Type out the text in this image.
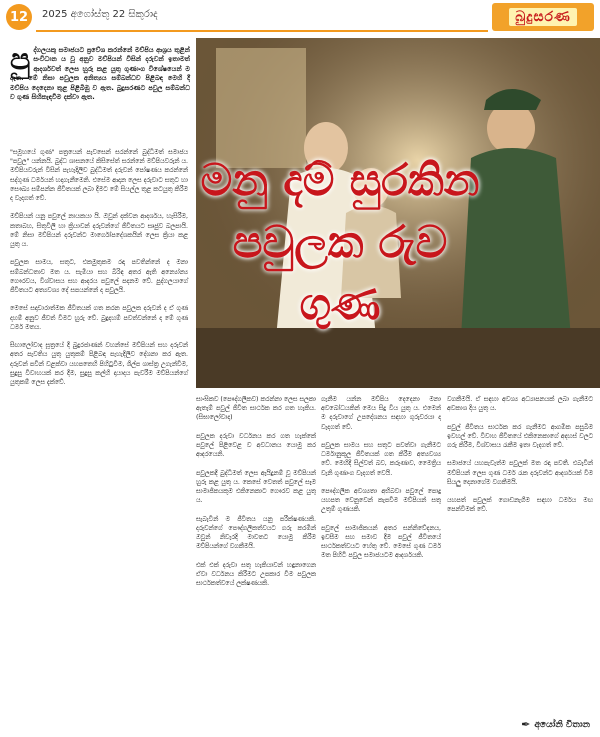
12	2025 අගෝස්තු 22 සිකුරාද	බුදුසරණ
පු ද්ගලයකු සමාජයට ප්‍රවේශ කරන්නේ මව්පිය ආශ්‍රය තුළින් සංවිධාන ය වූ අනුව මව්පියන් විසින් දරුවන් ඉතාමත් ආදර්ශවත් ලෙස හුරු කළ යුතු ගුණාංග විශේෂයෙන් ම ඇත. මේ නිසා පවුලක අනිත්‍යය සම්බන්ධව පිළිබඳ මෙහි දී මව්පිය දෙදෙනා තුළ පිළිබිඹු ව ඇත. බුදුසරණට පවුල සම්බන්ධ ව ගුණ සිහිකැඳවීම දක්වා ඇත.
"සමූහයේ ගුණ" පත්‍රයෙන් පැවසෙන් සරන්නේ බුද්ධිමත් සමාජය "පවුල" යන්නයි. බුද්ධ ශාසනයේ කිසිසේත් සරන්නේ මව්පියවරුන් ය. මව්පියවරුන් විසින් පැහැදිලිව බුද්ධිමත් දරුවන් පෝෂණය කරන්නේ සද්ගුණ ධර්මයන් හදාගැනීමෙනි. එසේම ආදාන ලෙස දරුවාට සතුට හා සෞඛ්‍ය සම්පන්න ජීවිතයක් ලබා දීමට මේ සියල්ල තුළ කටයුතු කිරීම ද වැදගත් වේ.

මව්පියන් යනු පවුලේ නායකයා යි. ඔවුන් දක්වන ආදර්ශය, හැසිරීම, කතාබහ, සිතුවිලි හා ක්‍රියාවන් දරුවන්ගේ ජීවිතයට සෘජුව බලපායි. මේ නිසා මව්පියන් දරුවන්ට මාර්ගෝපදේශකයින් ලෙස ක්‍රියා කළ යුතු ය.

පවුලක සාමය, සතුට, එකමුතුකම රඳා පවතින්නේ ද මනා සම්බන්ධතාව මත ය. සැමියා සහ බිරිඳ අතර ඇති අන්‍යෝන්‍ය ගෞරවය, විශ්වාසය සහ ආදරය පවුලේ පදනම වේ. පුද්ගලයාගේ ජීවිතයට අත්‍යවශ්‍ය දේ සපයන්නේ ද පවුලයි.

මෙසේ සදාචාරාත්මක ජීවිතයක් ගත කරන පවුලක දරුවන් ද ඒ ගුණ දහම් අනුව ජීවත් වීමට හුරු වේ. බුදුදහම් පවත්වන්නේ ද මේ ගුණ ධර්ම මතය.

සිඟාලෝවාද සූත්‍රයේ දී බුදුරජාණන් වහන්සේ මව්පියන් සහ දරුවන් අතර පැවතිය යුතු යුතුකම් පිළිබඳ පැහැදිලිව දේශනා කර ඇත. දරුවන් පවින් වළක්වා යහපතෙහි පිහිටුවීම, ශිල්ප ශාස්ත්‍ර උගැන්වීම, සුදුසු විවාහයක් කර දීම, සුදුසු කල්හි දායාදය පැවරීම මව්පියන්ගේ යුතුකම් ලෙස දැක්වේ.
මනු දම් සුරකින
පවුලක රුව ගුණ
සාංඝිකව (පෞද්ගලිකව) කරන්නා ලෙස සලකා ඇතැම් පවුල් ජීවිත සාර්ථක කර ගත හැකිය. (සිඝාලෝවාද)

පවුලක දරුවා වර්ධනය කර ගත හැක්කේ පවුලේ පිළිවෙළ ව අවධානය යොමු කර ආදරයෙනි.

පවුලකදී බුද්ධිමත් ලෙස ඇයිදුනම් වූ මව්පියන් හුරු කළ යුතු ය. කෙසේ වෙතත් පවුලේ සෑම සාමාජිකයකුම එකිනෙකාට ගෞරව කළ යුතු ය.

සැබැවින් ම ජීවිතය යනු පරීක්ෂණයකි. දරුවන්ගේ පෞද්ගලිකත්වයට ගරු කරමින් ඔවුන් නිවැරදි මාවතට යොමු කිරීම මව්පියන්ගේ වගකීමයි.

එක් එක් දරුවා සතු හැකියාවන් හඳුනාගෙන ඒවා වර්ධනය කිරීමට උපකාර වීම පවුලක සාර්ථකත්වයේ ලක්ෂණයකි.
ගැනීම යන්න මව්පිය දෙදෙනා මනා අවබෝධයකින් මෙය සිදු විය යුතු ය. එමෙන් ම දරුවාගේ උපදේශනය සඳහා ගුරුවරයා ද වැදගත් වේ.

පවුලක සාමය සහ සතුට පවත්වා ගැනීමට ධර්මානුකූල ජීවිතයක් ගත කිරීම අත්‍යවශ්‍ය වේ. මෙහිදී සිල්වත් බව, කරුණාව, මෛත්‍රිය වැනි ගුණාංග වැදගත් වෙයි.

පෞද්ගලික අවශ්‍යතා අභිබවා පවුලේ පොදු යහපත වෙනුවෙන් කැපවීම මව්පියන් සතු උතුම් ගුණයකි.

පවුලේ සාමාජිකයන් අතර සන්නිවේදනය, ඉවසීම සහ සමාව දීම පවුල් ජීවිතයේ සාර්ථකත්වයට හේතු වේ. මෙසේ ගුණ ධර්ම මත පිහිටි පවුල සමාජයටම ආදර්ශයකි.
වගකීමයි. ඒ සඳහා අවශ්‍ය අධ්‍යාපනයක් ලබා ගැනීමට අවකාශ දිය යුතු ය.

පවුල් ජීවිතය සාර්ථක කර ගැනීමට ආගමික පසුබිම ඉවහල් වේ. විවාහ ජීවිතයේ එකිනෙකාගේ අදහස් වලට ගරු කිරීම, විශ්වාසය රැකීම ඉතා වැදගත් වේ.

සමාජයේ යහපැවැත්ම පවුලක් මත රඳා පවතී. එබැවින් මව්පියන් ලෙස ගුණ ධර්ම රැක දරුවන්ට ආදර්ශයක් වීම සියලු දෙනාගේම වගකීමයි.

යහපත් පවුලක් ගොඩනැගීම සඳහා ධර්මය මඟ පෙන්වීමක් වේ.
✒ අයෝනි විතාන
